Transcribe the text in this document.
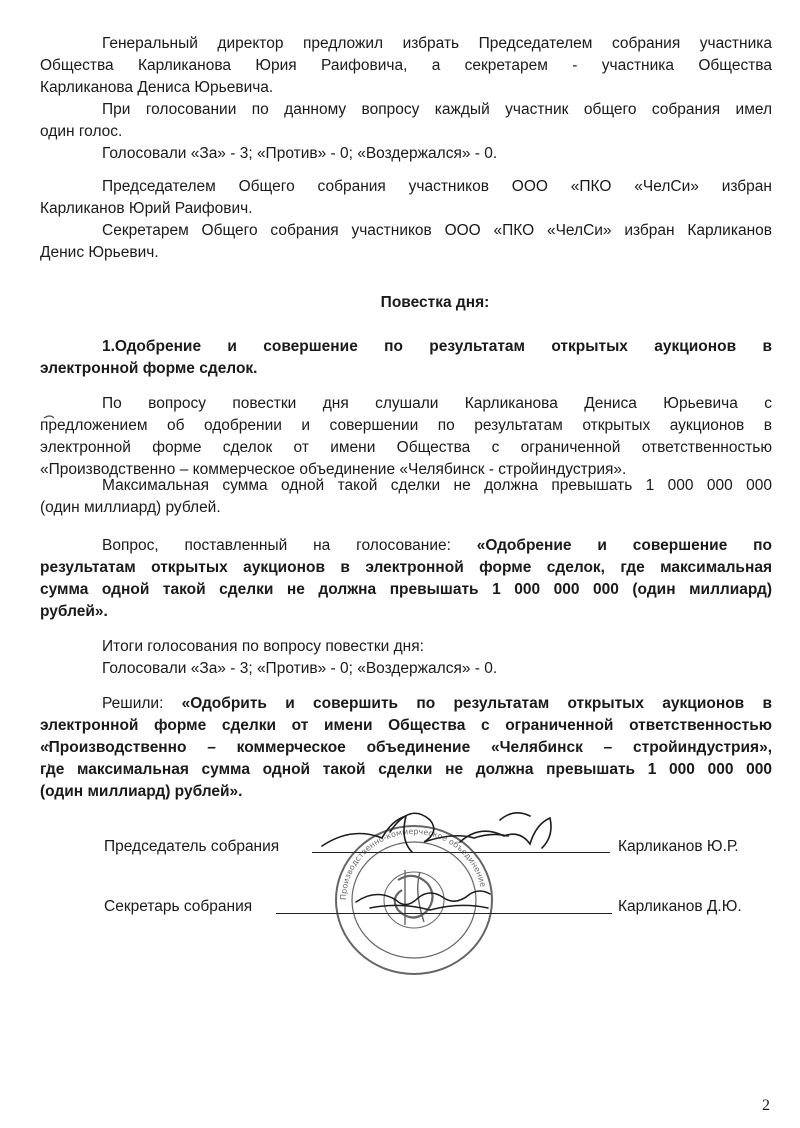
Генеральный директор предложил избрать Председателем собрания участника
Общества Карликанова Юрия Раифовича, а секретарем - участника Общества
Карликанова Дениса Юрьевича.
При голосовании по данному вопросу каждый участник общего собрания имел
один голос.
Голосовали «За» - 3; «Против» - 0; «Воздержался» - 0.
Председателем Общего собрания участников ООО «ПКО «ЧелСи» избран
Карликанов Юрий Раифович.
Секретарем Общего собрания участников ООО «ПКО «ЧелСи» избран Карликанов
Денис Юрьевич.
Повестка дня:
1.Одобрение и совершение по результатам открытых аукционов в
электронной форме сделок.
По вопросу повестки дня слушали Карликанова Дениса Юрьевича с
предложением об одобрении и совершении по результатам открытых аукционов в
электронной форме сделок от имени Общества с ограниченной ответственностью
«Производственно – коммерческое объединение «Челябинск - стройиндустрия».
Максимальная сумма одной такой сделки не должна превышать 1 000 000 000
(один миллиард) рублей.
Вопрос, поставленный на голосование: «Одобрение и совершение по
результатам открытых аукционов в электронной форме сделок, где максимальная
сумма одной такой сделки не должна превышать 1 000 000 000 (один миллиард)
рублей».
Итоги голосования по вопросу повестки дня:
Голосовали «За» - 3; «Против» - 0; «Воздержался» - 0.
Решили: «Одобрить и совершить по результатам открытых аукционов в
электронной форме сделки от имени Общества с ограниченной ответственностью
«Производственно – коммерческое объединение «Челябинск – стройиндустрия»,
где максимальная сумма одной такой сделки не должна превышать 1 000 000 000
(один миллиард) рублей».
Председатель собрания	Карликанов Ю.Р.
Секретарь собрания	Карликанов Д.Ю.
Производственно-коммерческое объединение
2
